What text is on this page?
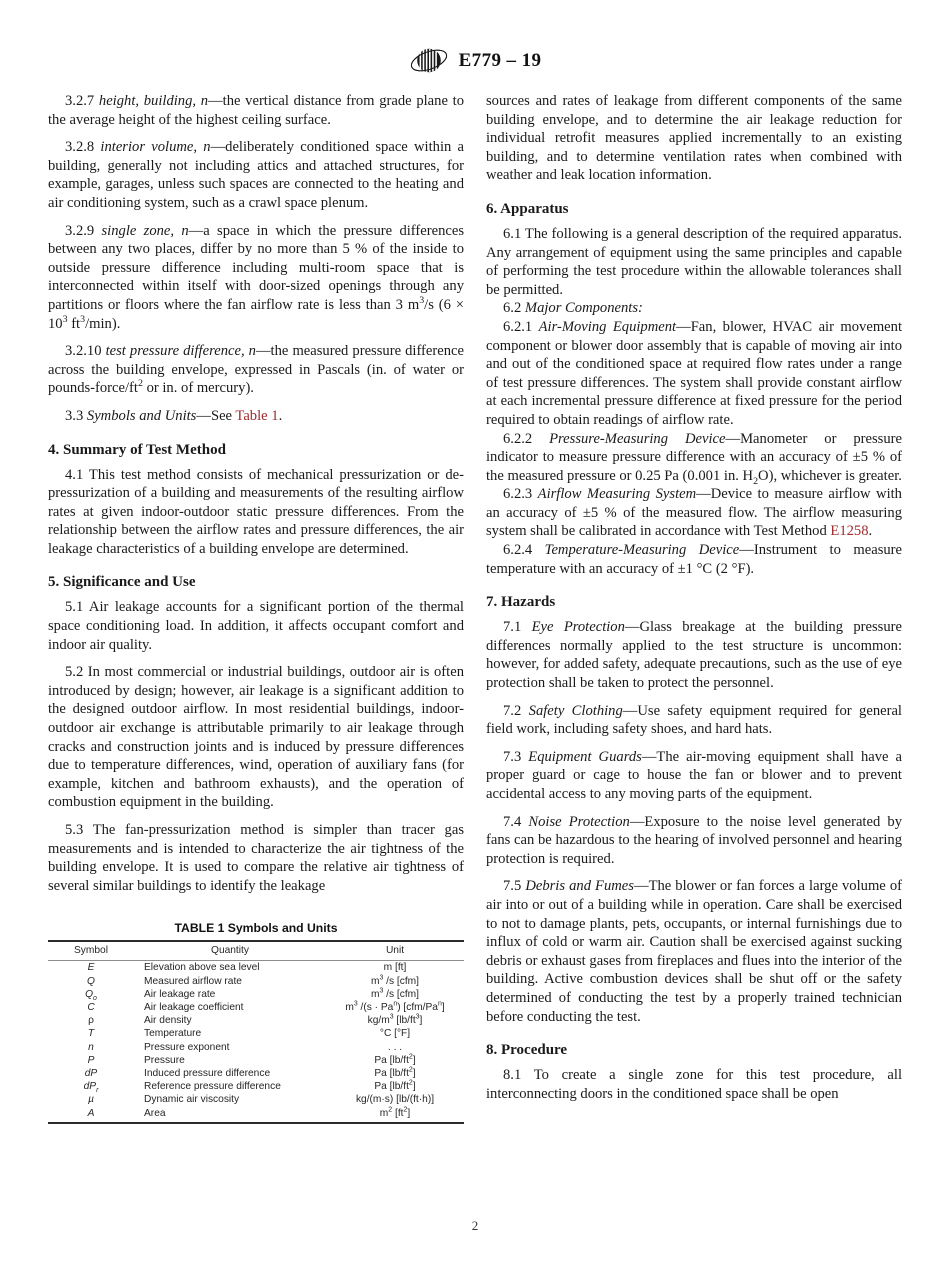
E779 – 19

3.2.7 height, building, n—the vertical distance from grade plane to the average height of the highest ceiling surface.

3.2.8 interior volume, n—deliberately conditioned space within a building, generally not including attics and attached structures, for example, garages, unless such spaces are connected to the heating and air conditioning system, such as a crawl space plenum.

3.2.9 single zone, n—a space in which the pressure differences between any two places, differ by no more than 5 % of the inside to outside pressure difference including multi-room space that is interconnected within itself with door-sized openings through any partitions or floors where the fan airflow rate is less than 3 $m^3/s$ ($6 \times 10^3$ $ft^3/\min$).

3.2.10 test pressure difference, n—the measured pressure difference across the building envelope, expressed in Pascals (in. of water or pounds-$force/ft^2$ or in. of mercury).

3.3 Symbols and Units—See Table 1.

4. Summary of Test Method

4.1 This test method consists of mechanical pressurization or de-pressurization of a building and measurements of the resulting airflow rates at given indoor-outdoor static pressure differences. From the relationship between the airflow rates and pressure differences, the air leakage characteristics of a building envelope are determined.

5. Significance and Use

5.1 Air leakage accounts for a significant portion of the thermal space conditioning load. In addition, it affects occupant comfort and indoor air quality.

5.2 In most commercial or industrial buildings, outdoor air is often introduced by design; however, air leakage is a significant addition to the designed outdoor airflow. In most residential buildings, indoor-outdoor air exchange is attributable primarily to air leakage through cracks and construction joints and is induced by pressure differences due to temperature differences, wind, operation of auxiliary fans (for example, kitchen and bathroom exhausts), and the operation of combustion equipment in the building.

5.3 The fan-pressurization method is simpler than tracer gas measurements and is intended to characterize the air tightness of the building envelope. It is used to compare the relative air tightness of several similar buildings to identify the leakage

TABLE 1 Symbols and Units
Symbol	Quantity	Unit
E	Elevation above sea level	m [ft]
Q	Measured airflow rate	$m^3$ /s [cfm]
$Q_o$	Air leakage rate	$m^3$ /s [cfm]
C	Air leakage coefficient	$m^3$ $/(s \cdot Pa^n)$ [cfm/Pa$^n$]
ρ	Air density	$kg/m^3$ $[lb/ft^3]$
T	Temperature	°C [°F]
n	Pressure exponent	. . .
P	Pressure	Pa $[lb/ft^2]$
dP	Induced pressure difference	Pa $[lb/ft^2]$
$dP_r$	Reference pressure difference	Pa $[lb/ft^2]$
µ	Dynamic air viscosity	kg/(m·s) [lb/(ft·h)]
A	Area	$m^2$ $[ft^2]$

sources and rates of leakage from different components of the same building envelope, and to determine the air leakage reduction for individual retrofit measures applied incrementally to an existing building, and to determine ventilation rates when combined with weather and leak location information.

6. Apparatus

6.1 The following is a general description of the required apparatus. Any arrangement of equipment using the same principles and capable of performing the test procedure within the allowable tolerances shall be permitted.

6.2 Major Components:

6.2.1 Air-Moving Equipment—Fan, blower, HVAC air movement component or blower door assembly that is capable of moving air into and out of the conditioned space at required flow rates under a range of test pressure differences. The system shall provide constant airflow at each incremental pressure difference at fixed pressure for the period required to obtain readings of airflow rate.

6.2.2 Pressure-Measuring Device—Manometer or pressure indicator to measure pressure difference with an accuracy of ±5 % of the measured pressure or 0.25 Pa (0.001 in. $H_2O$), whichever is greater.

6.2.3 Airflow Measuring System—Device to measure airflow with an accuracy of ±5 % of the measured flow. The airflow measuring system shall be calibrated in accordance with Test Method E1258.

6.2.4 Temperature-Measuring Device—Instrument to measure temperature with an accuracy of ±1 °C (2 °F).

7. Hazards

7.1 Eye Protection—Glass breakage at the building pressure differences normally applied to the test structure is uncommon: however, for added safety, adequate precautions, such as the use of eye protection shall be taken to protect the personnel.

7.2 Safety Clothing—Use safety equipment required for general field work, including safety shoes, and hard hats.

7.3 Equipment Guards—The air-moving equipment shall have a proper guard or cage to house the fan or blower and to prevent accidental access to any moving parts of the equipment.

7.4 Noise Protection—Exposure to the noise level generated by fans can be hazardous to the hearing of involved personnel and hearing protection is required.

7.5 Debris and Fumes—The blower or fan forces a large volume of air into or out of a building while in operation. Care shall be exercised to not to damage plants, pets, occupants, or internal furnishings due to influx of cold or warm air. Caution shall be exercised against sucking debris or exhaust gases from fireplaces and flues into the interior of the building. Active combustion devices shall be shut off or the safety determined of conducting the test by a properly trained technician before conducting the test.

8. Procedure

8.1 To create a single zone for this test procedure, all interconnecting doors in the conditioned space shall be open

2
